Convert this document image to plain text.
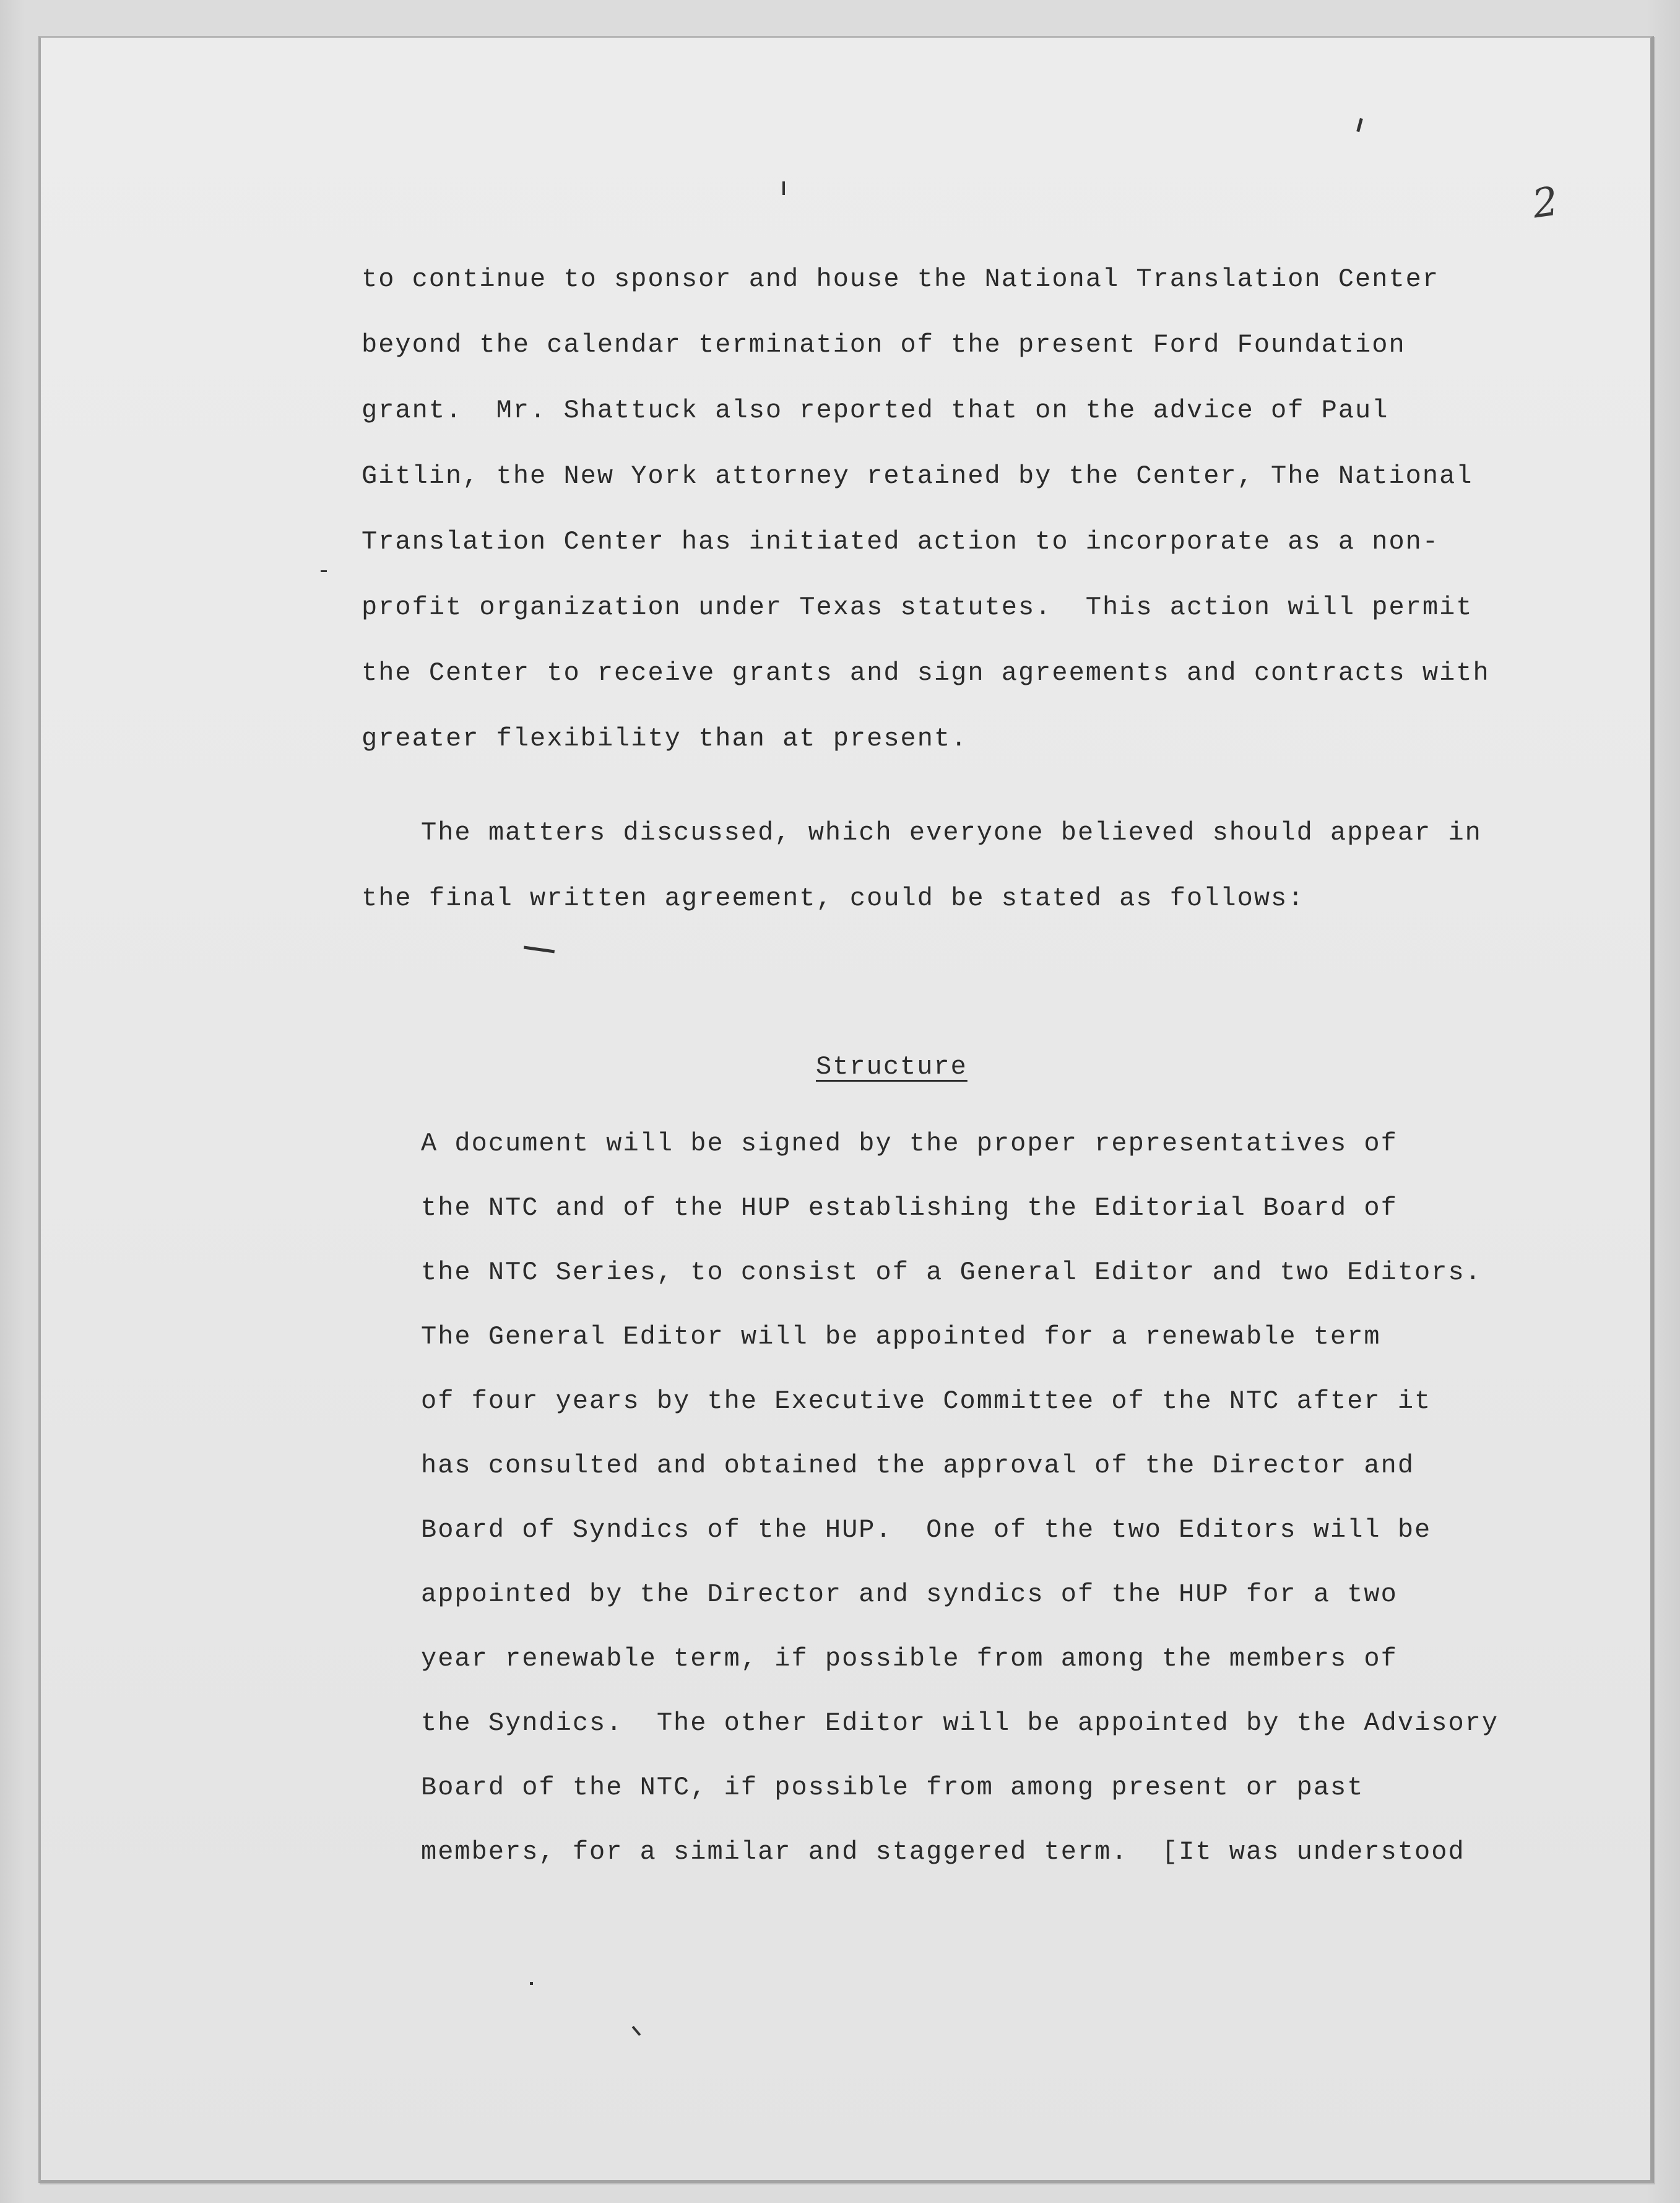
2
to continue to sponsor and house the National Translation Center
beyond the calendar termination of the present Ford Foundation
grant.  Mr. Shattuck also reported that on the advice of Paul
Gitlin, the New York attorney retained by the Center, The National
Translation Center has initiated action to incorporate as a non-
profit organization under Texas statutes.  This action will permit
the Center to receive grants and sign agreements and contracts with
greater flexibility than at present.
The matters discussed, which everyone believed should appear in
the final written agreement, could be stated as follows:
Structure
A document will be signed by the proper representatives of
the NTC and of the HUP establishing the Editorial Board of
the NTC Series, to consist of a General Editor and two Editors.
The General Editor will be appointed for a renewable term
of four years by the Executive Committee of the NTC after it
has consulted and obtained the approval of the Director and
Board of Syndics of the HUP.  One of the two Editors will be
appointed by the Director and syndics of the HUP for a two
year renewable term, if possible from among the members of
the Syndics.  The other Editor will be appointed by the Advisory
Board of the NTC, if possible from among present or past
members, for a similar and staggered term.  [It was understood
